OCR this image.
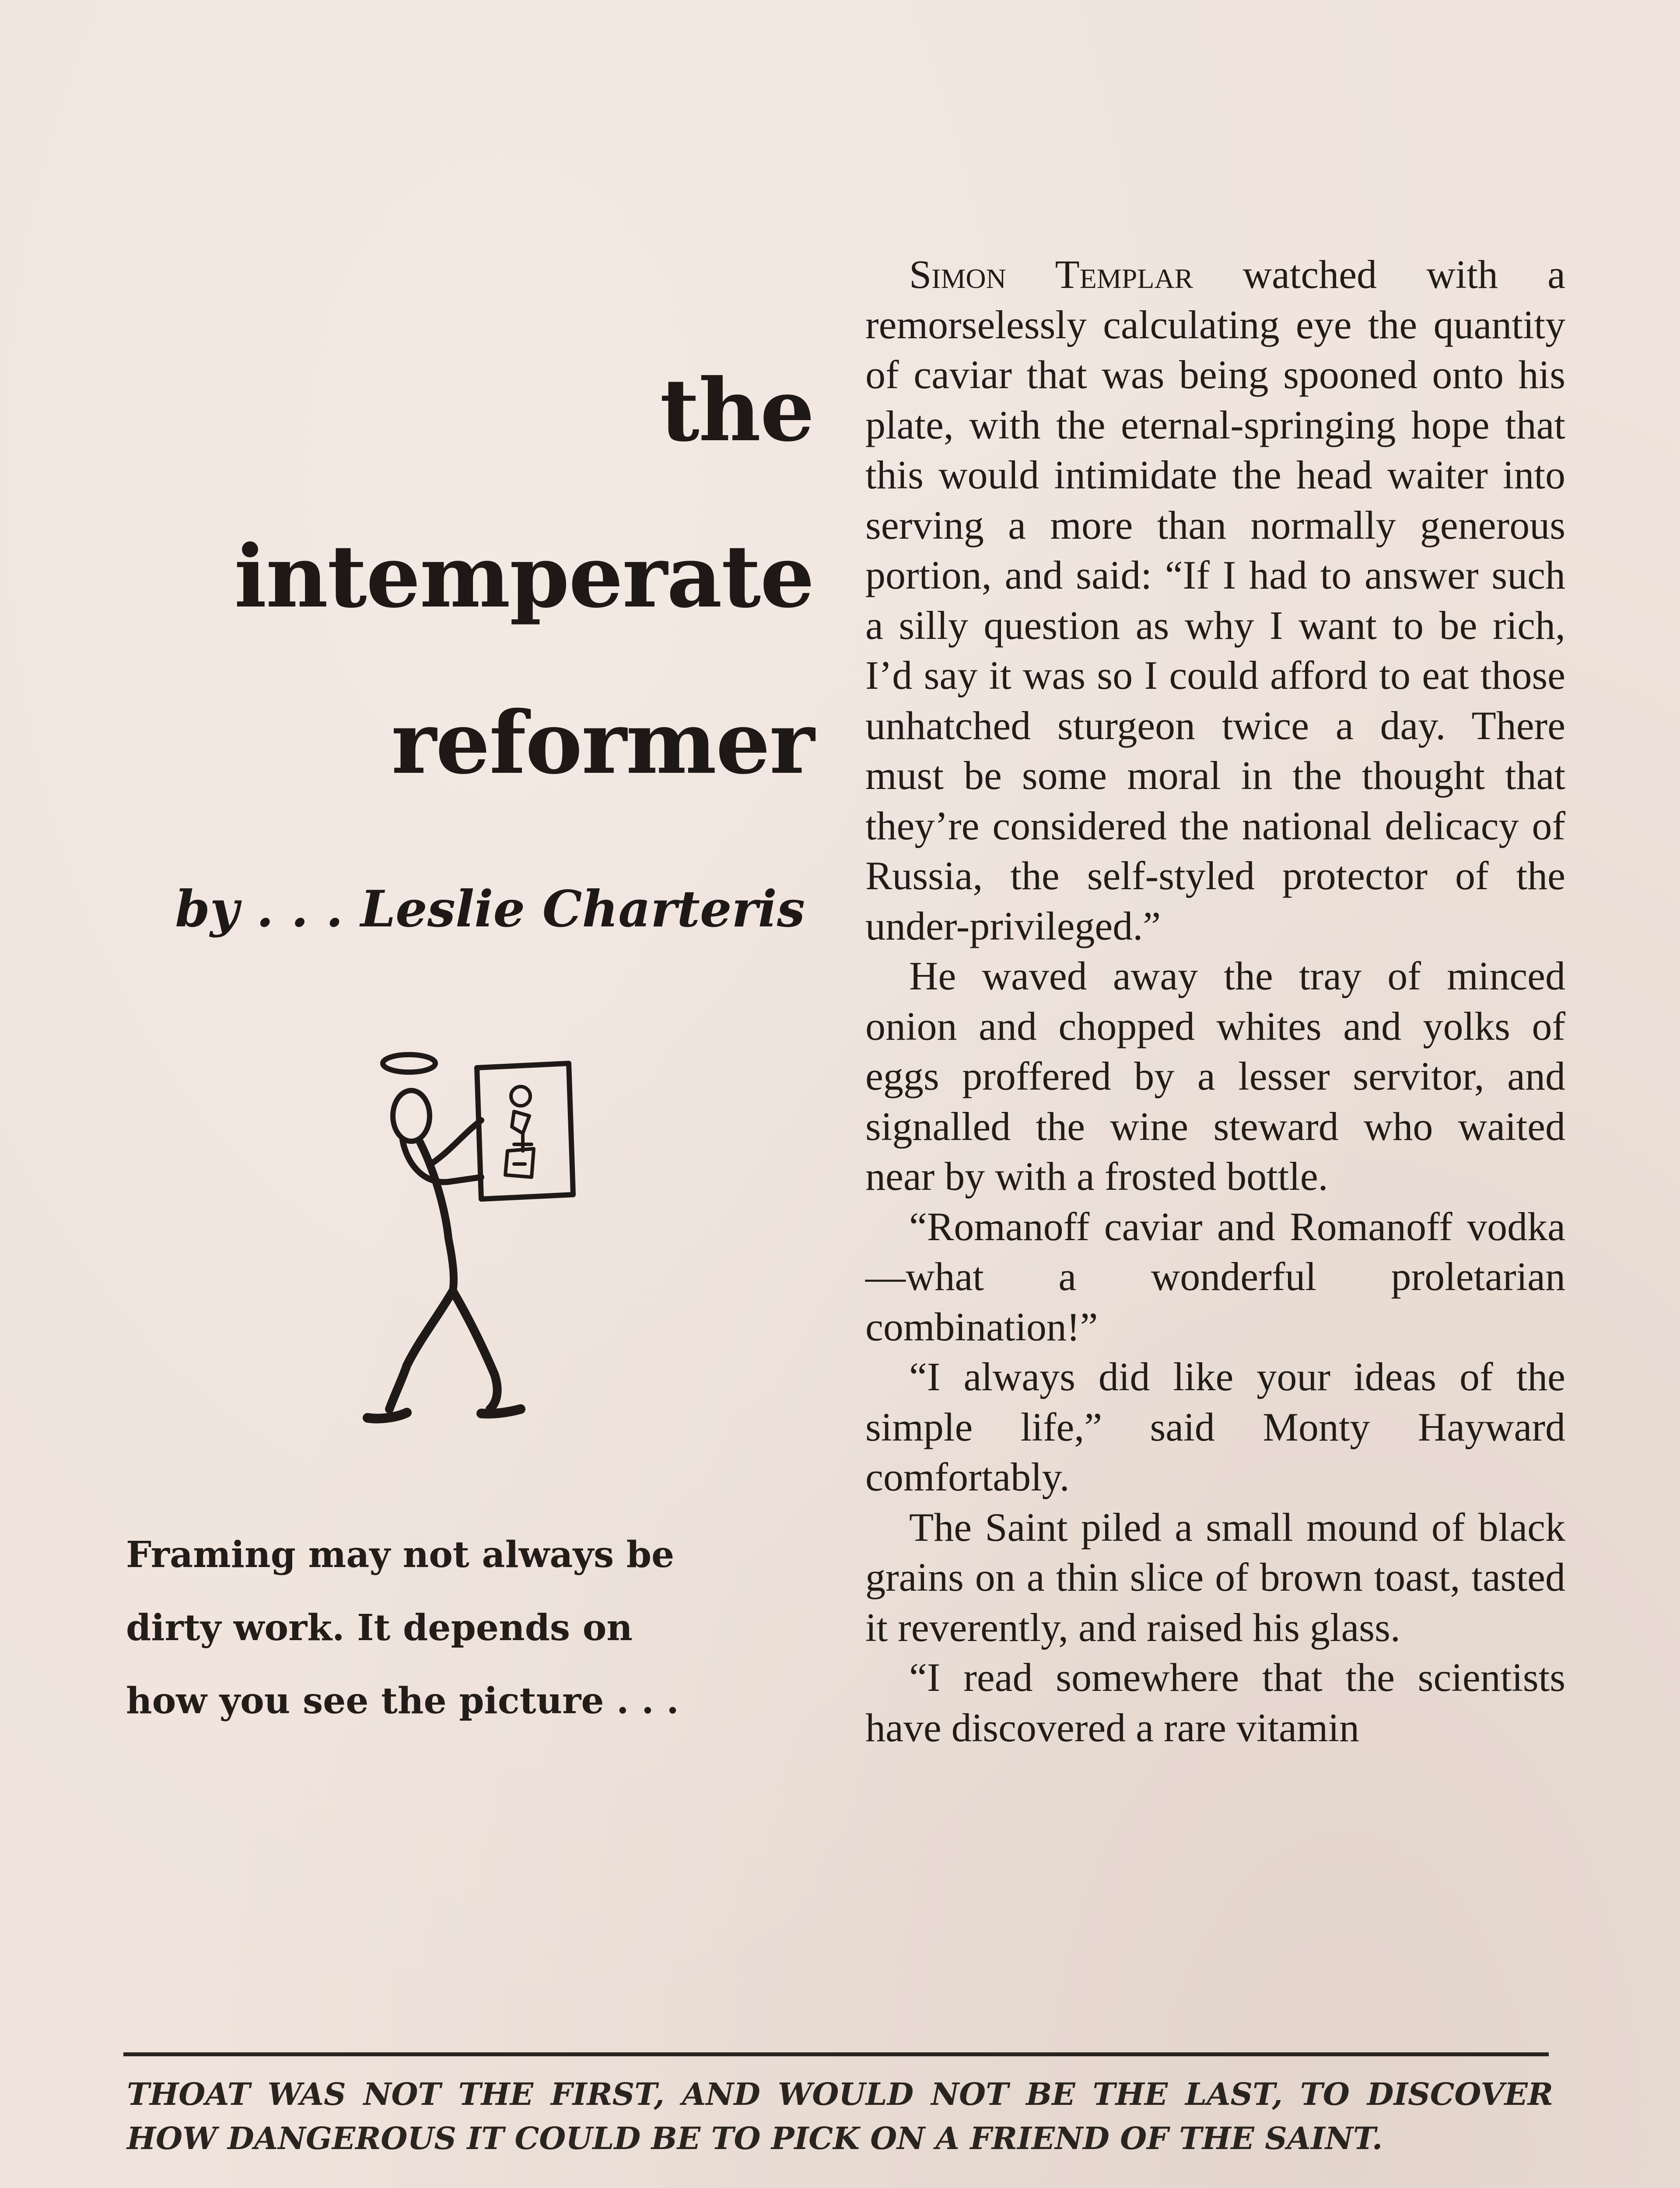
the
intemperate
reformer
by . . . Leslie Charteris
Framing may not always be dirty work. It depends on how you see the picture . . .

Simon Templar watched with a remorselessly calculating eye the quantity of caviar that was being spooned onto his plate, with the eternal-springing hope that this would intimidate the head waiter into serving a more than normally generous portion, and said: “If I had to answer such a silly question as why I want to be rich, I’d say it was so I could afford to eat those unhatched sturgeon twice a day. There must be some moral in the thought that they’re considered the national delicacy of Russia, the self-styled protector of the under-privileged.”

He waved away the tray of minced onion and chopped whites and yolks of eggs proffered by a lesser servitor, and signalled the wine steward who waited near by with a frosted bottle.

“Romanoff caviar and Romanoff vodka—what a wonderful proletarian combination!”

“I always did like your ideas of the simple life,” said Monty Hayward comfortably.

The Saint piled a small mound of black grains on a thin slice of brown toast, tasted it reverently, and raised his glass.

“I read somewhere that the scientists have discovered a rare vitamin

THOAT WAS NOT THE FIRST, AND WOULD NOT BE THE LAST, TO DISCOVER HOW DANGEROUS IT COULD BE TO PICK ON A FRIEND OF THE SAINT.
